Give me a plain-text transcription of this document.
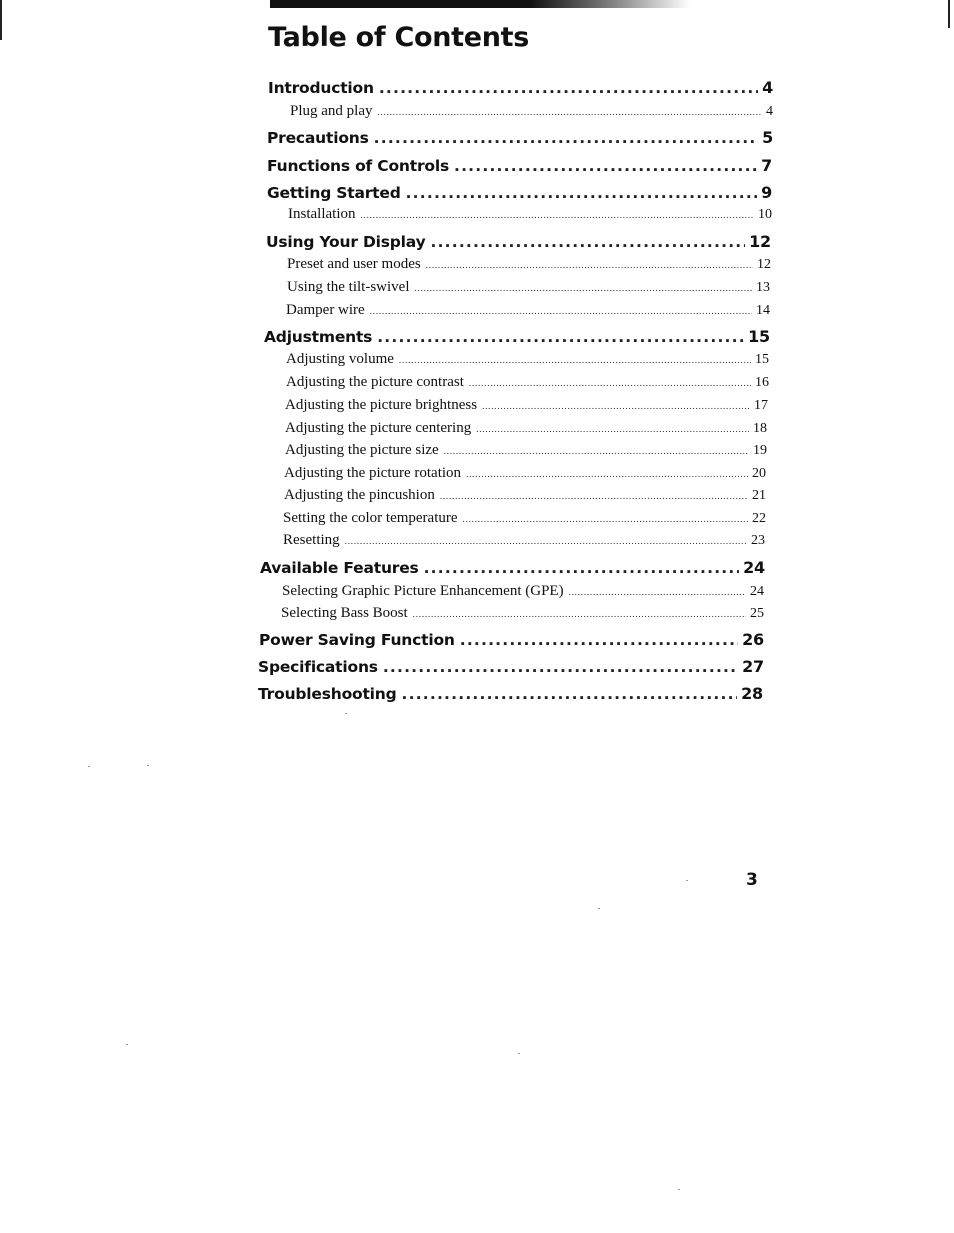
Table of Contents
Introduction .....	4
Plug and play .....	4
Precautions .....	5
Functions of Controls .....	7
Getting Started .....	9
Installation .....	10
Using Your Display .....	12
Preset and user modes .....	12
Using the tilt-swivel .....	13
Damper wire .....	14
Adjustments .....	15
Adjusting volume .....	15
Adjusting the picture contrast .....	16
Adjusting the picture brightness .....	17
Adjusting the picture centering .....	18
Adjusting the picture size .....	19
Adjusting the picture rotation .....	20
Adjusting the pincushion .....	21
Setting the color temperature .....	22
Resetting .....	23
Available Features .....	24
Selecting Graphic Picture Enhancement (GPE) .....	24
Selecting Bass Boost .....	25
Power Saving Function .....	26
Specifications .....	27
Troubleshooting .....	28
3
